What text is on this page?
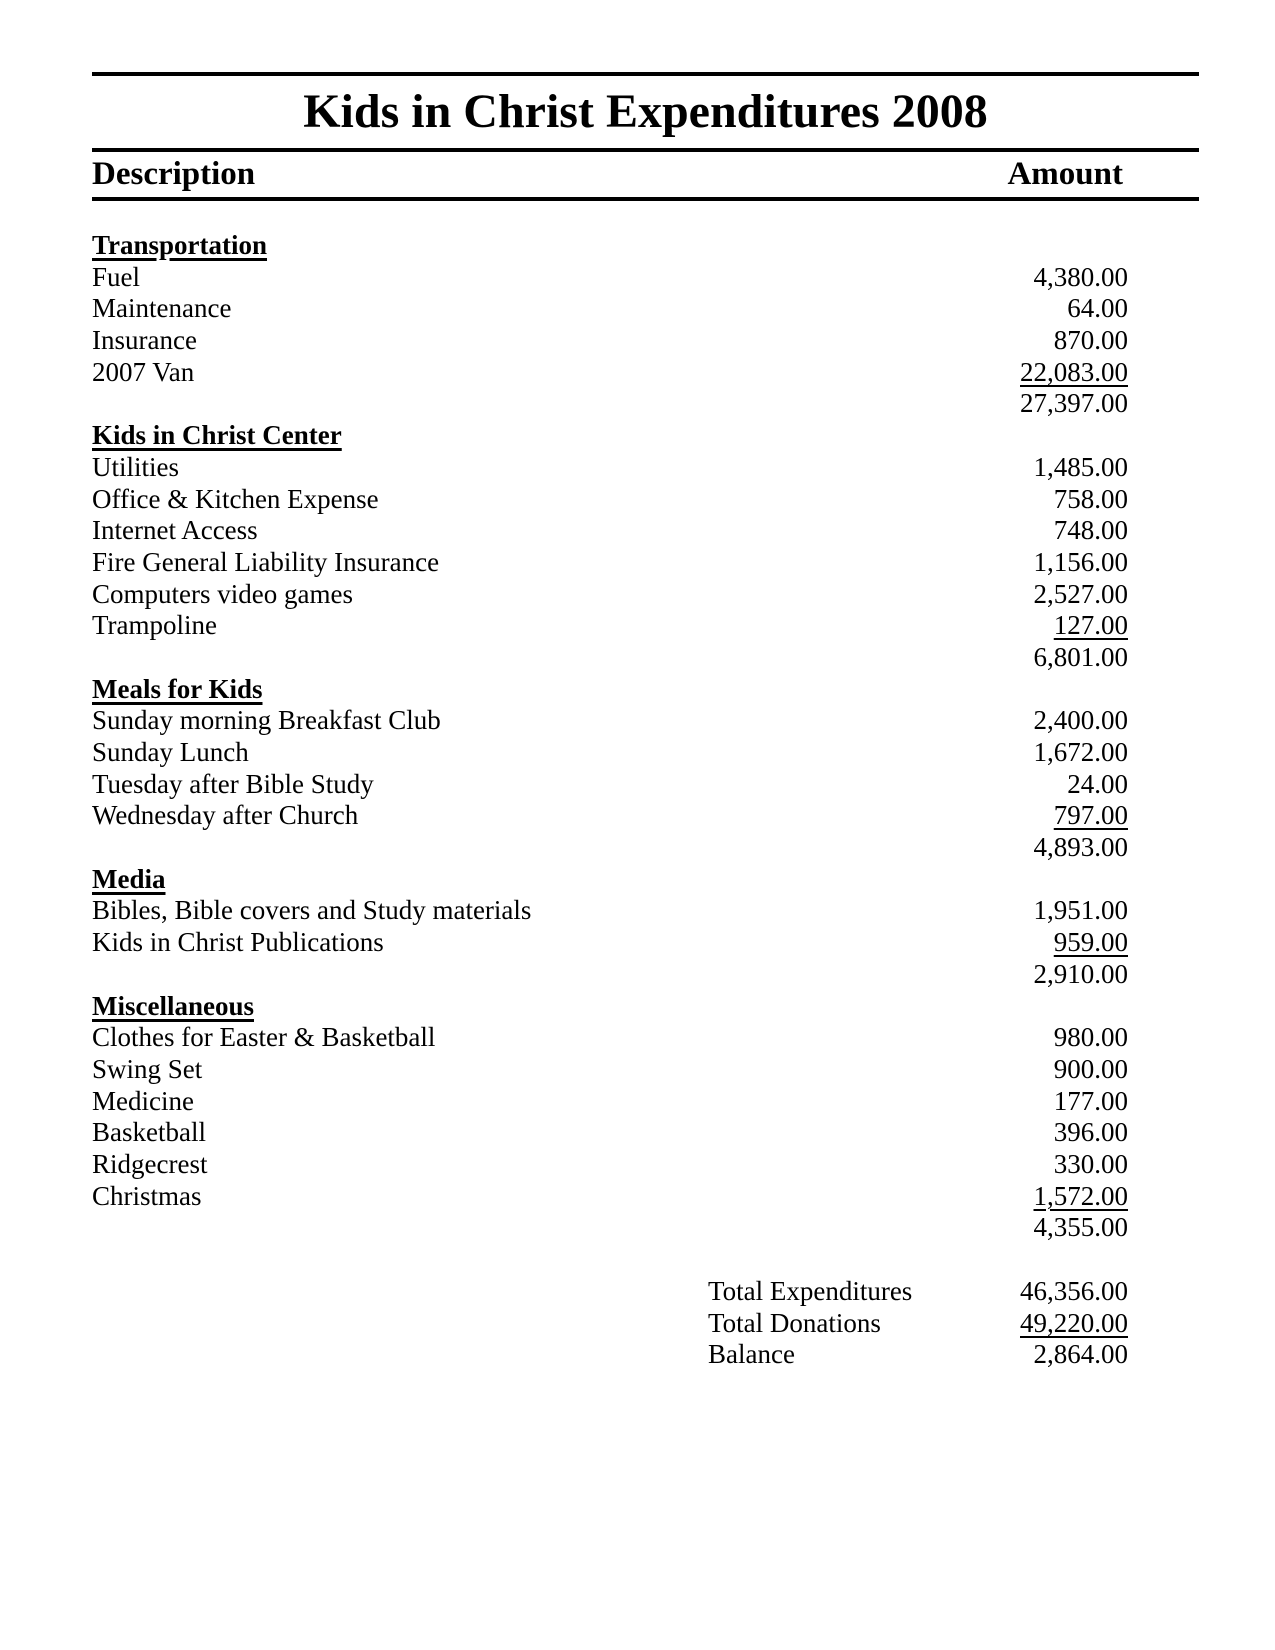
Kids in Christ Expenditures 2008
Description	Amount
Transportation
Fuel	4,380.00
Maintenance	64.00
Insurance	870.00
2007 Van	22,083.00
27,397.00
Kids in Christ Center
Utilities	1,485.00
Office & Kitchen Expense	758.00
Internet Access	748.00
Fire General Liability Insurance	1,156.00
Computers video games	2,527.00
Trampoline	127.00
6,801.00
Meals for Kids
Sunday morning Breakfast Club	2,400.00
Sunday Lunch	1,672.00
Tuesday after Bible Study	24.00
Wednesday after Church	797.00
4,893.00
Media
Bibles, Bible covers and Study materials	1,951.00
Kids in Christ Publications	959.00
2,910.00
Miscellaneous
Clothes for Easter & Basketball	980.00
Swing Set	900.00
Medicine	177.00
Basketball	396.00
Ridgecrest	330.00
Christmas	1,572.00
4,355.00
Total Expenditures	46,356.00
Total Donations	49,220.00
Balance	2,864.00
